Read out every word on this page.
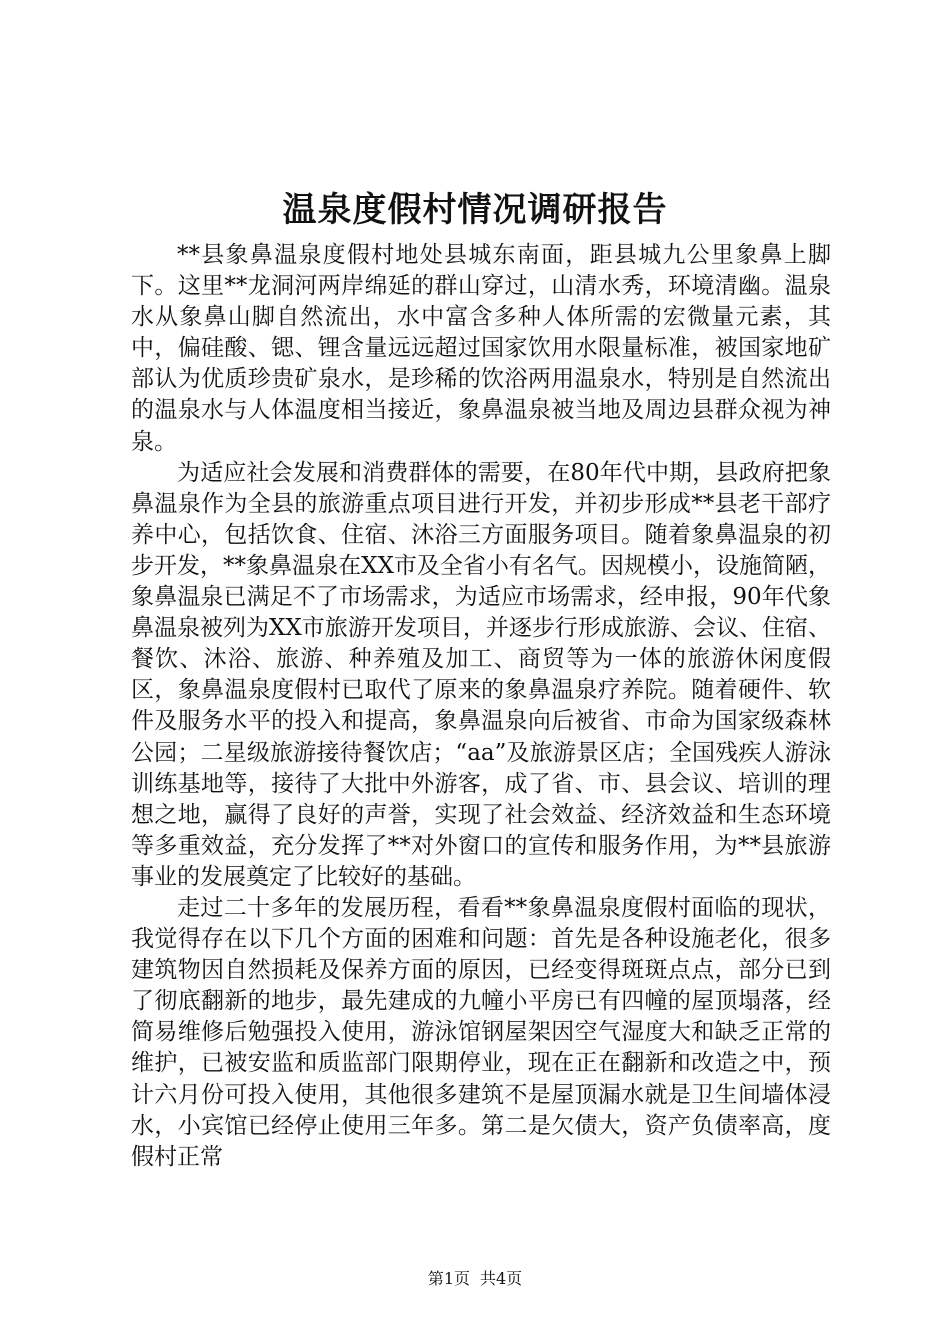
温泉度假村情况调研报告

**县象鼻温泉度假村地处县城东南面，距县城九公里象鼻上脚下。这里**龙洞河两岸绵延的群山穿过，山清水秀，环境清幽。温泉水从象鼻山脚自然流出，水中富含多种人体所需的宏微量元素，其中，偏硅酸、锶、锂含量远远超过国家饮用水限量标准，被国家地矿部认为优质珍贵矿泉水，是珍稀的饮浴两用温泉水，特别是自然流出的温泉水与人体温度相当接近，象鼻温泉被当地及周边县群众视为神泉。

为适应社会发展和消费群体的需要，在80年代中期，县政府把象鼻温泉作为全县的旅游重点项目进行开发，并初步形成**县老干部疗养中心，包括饮食、住宿、沐浴三方面服务项目。随着象鼻温泉的初步开发，**象鼻温泉在XX市及全省小有名气。因规模小，设施简陋，象鼻温泉已满足不了市场需求，为适应市场需求，经申报，90年代象鼻温泉被列为XX市旅游开发项目，并逐步行形成旅游、会议、住宿、餐饮、沐浴、旅游、种养殖及加工、商贸等为一体的旅游休闲度假区，象鼻温泉度假村已取代了原来的象鼻温泉疗养院。随着硬件、软件及服务水平的投入和提高，象鼻温泉向后被省、市命为国家级森林公园；二星级旅游接待餐饮店；“aa”及旅游景区店；全国残疾人游泳训练基地等，接待了大批中外游客，成了省、市、县会议、培训的理想之地，赢得了良好的声誉，实现了社会效益、经济效益和生态环境等多重效益，充分发挥了**对外窗口的宣传和服务作用，为**县旅游事业的发展奠定了比较好的基础。

走过二十多年的发展历程，看看**象鼻温泉度假村面临的现状，我觉得存在以下几个方面的困难和问题：首先是各种设施老化，很多建筑物因自然损耗及保养方面的原因，已经变得斑斑点点，部分已到了彻底翻新的地步，最先建成的九幢小平房已有四幢的屋顶塌落，经简易维修后勉强投入使用，游泳馆钢屋架因空气湿度大和缺乏正常的维护，已被安监和质监部门限期停业，现在正在翻新和改造之中，预计六月份可投入使用，其他很多建筑不是屋顶漏水就是卫生间墙体浸水，小宾馆已经停止使用三年多。第二是欠债大，资产负债率高，度假村正常

第1页 共4页
